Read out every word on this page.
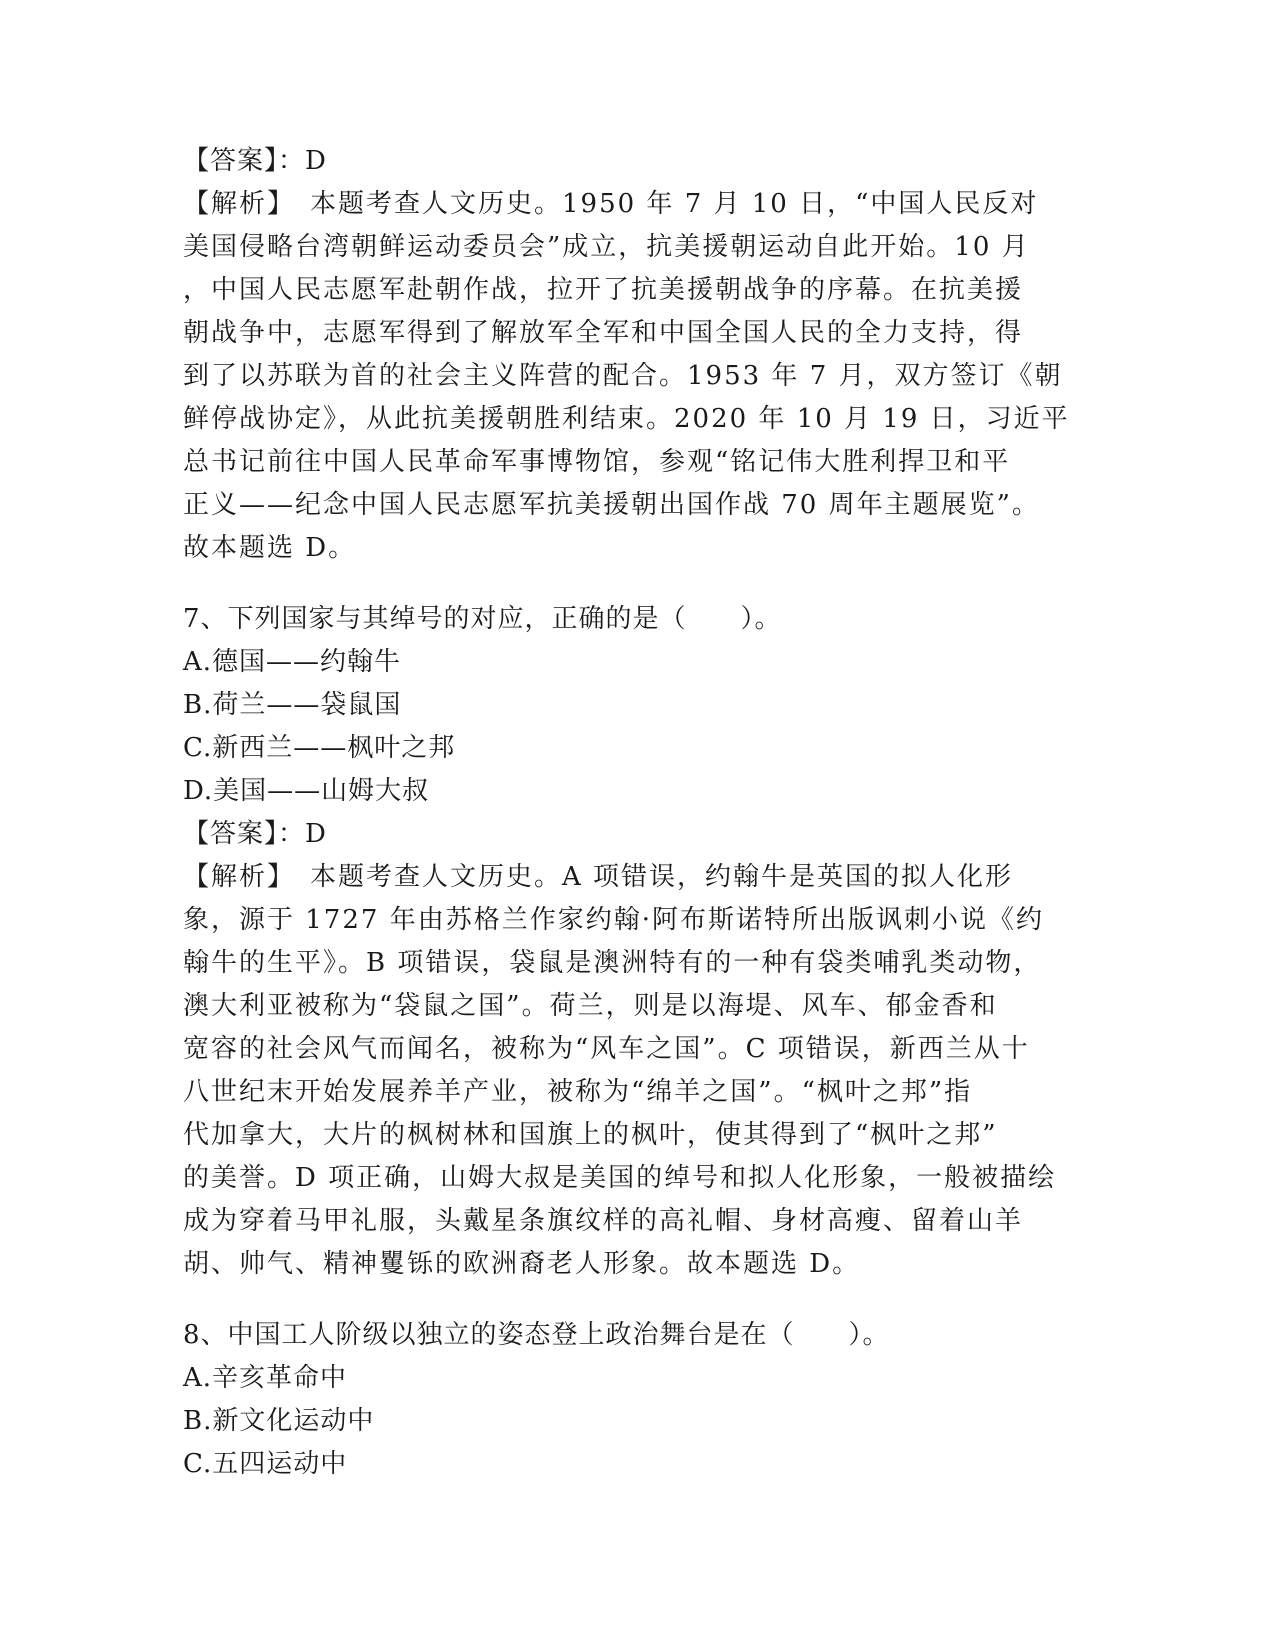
【答案】：D
【解析】　本题考查人文历史。1950 年 7 月 10 日，“中国人民反对
美国侵略台湾朝鲜运动委员会”成立，抗美援朝运动自此开始。10 月
，中国人民志愿军赴朝作战，拉开了抗美援朝战争的序幕。在抗美援
朝战争中，志愿军得到了解放军全军和中国全国人民的全力支持，得
到了以苏联为首的社会主义阵营的配合。1953 年 7 月，双方签订《朝
鲜停战协定》，从此抗美援朝胜利结束。2020 年 10 月 19 日，习近平
总书记前往中国人民革命军事博物馆，参观“铭记伟大胜利捍卫和平
正义——纪念中国人民志愿军抗美援朝出国作战 70 周年主题展览”。
故本题选 D。
7、下列国家与其绰号的对应，正确的是（　　）。
A.德国——约翰牛
B.荷兰——袋鼠国
C.新西兰——枫叶之邦
D.美国——山姆大叔
【答案】：D
【解析】　本题考查人文历史。A 项错误，约翰牛是英国的拟人化形
象，源于 1727 年由苏格兰作家约翰·阿布斯诺特所出版讽刺小说《约
翰牛的生平》。B 项错误，袋鼠是澳洲特有的一种有袋类哺乳类动物，
澳大利亚被称为“袋鼠之国”。荷兰，则是以海堤、风车、郁金香和
宽容的社会风气而闻名，被称为“风车之国”。C 项错误，新西兰从十
八世纪末开始发展养羊产业，被称为“绵羊之国”。“枫叶之邦”指
代加拿大，大片的枫树林和国旗上的枫叶，使其得到了“枫叶之邦”
的美誉。D 项正确，山姆大叔是美国的绰号和拟人化形象，一般被描绘
成为穿着马甲礼服，头戴星条旗纹样的高礼帽、身材高瘦、留着山羊
胡、帅气、精神矍铄的欧洲裔老人形象。故本题选 D。
8、中国工人阶级以独立的姿态登上政治舞台是在（　　）。
A.辛亥革命中
B.新文化运动中
C.五四运动中
